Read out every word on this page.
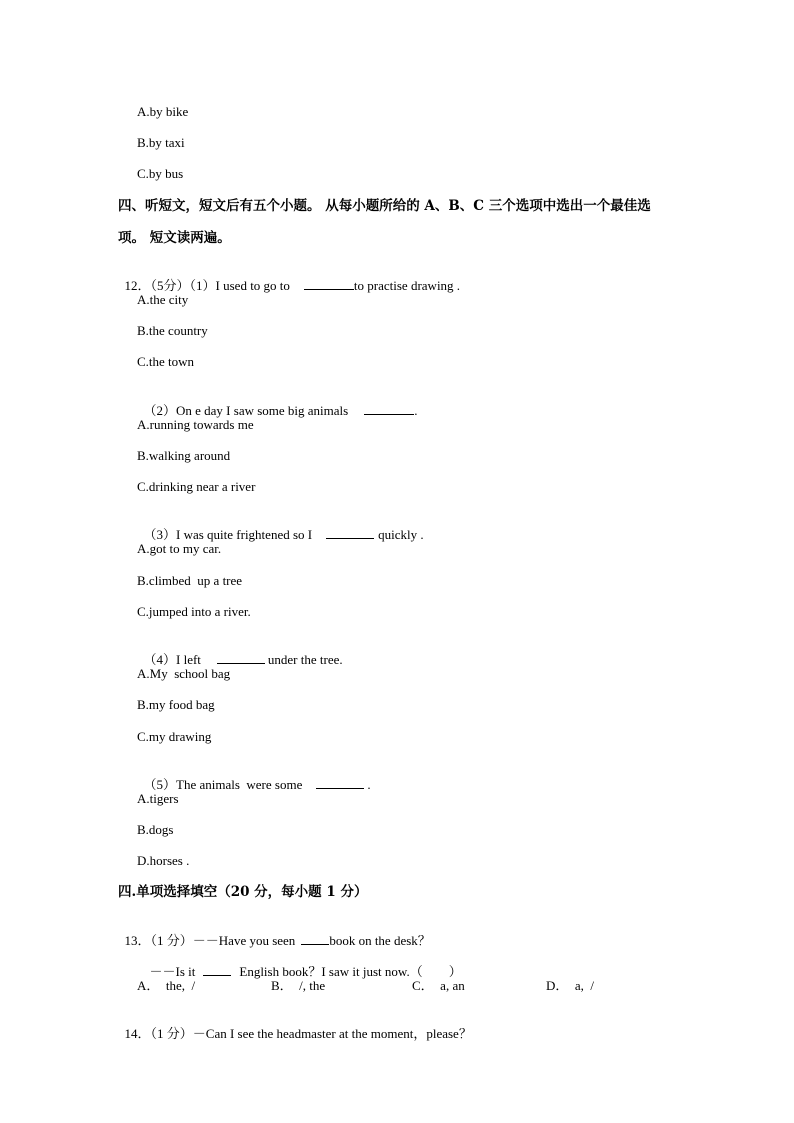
A.by bike
B.by taxi
C.by bus
四、听短文，短文后有五个小题。 从每小题所给的 A、B、C 三个选项中选出一个最佳选
项。 短文读两遍。

12．（5分）（1）I used to go to	to practise drawing .

A.the city
B.the country
C.the town

（2）On e day I saw some big animals	.

A.running towards me
B.walking around
C.drinking near a river

（3）I was quite frightened so I	quickly .

A.got to my car.
B.climbed  up a tree
C.jumped into a river.

（4）I left	under the tree.

A.My  school bag
B.my food bag
C.my drawing

（5）The animals  were some	.

A.tigers
B.dogs
D.horses .
四.单项选择填空（20 分，每小题 1 分）

13．（1 分）－－Have you seen	book on the desk？

－－Is it	English book？I saw it just now.（　　）

A．  the,  /	B．  /, the	C．  a, an	D．  a,  /

14．（1 分）－Can I see the headmaster at the moment，please？
